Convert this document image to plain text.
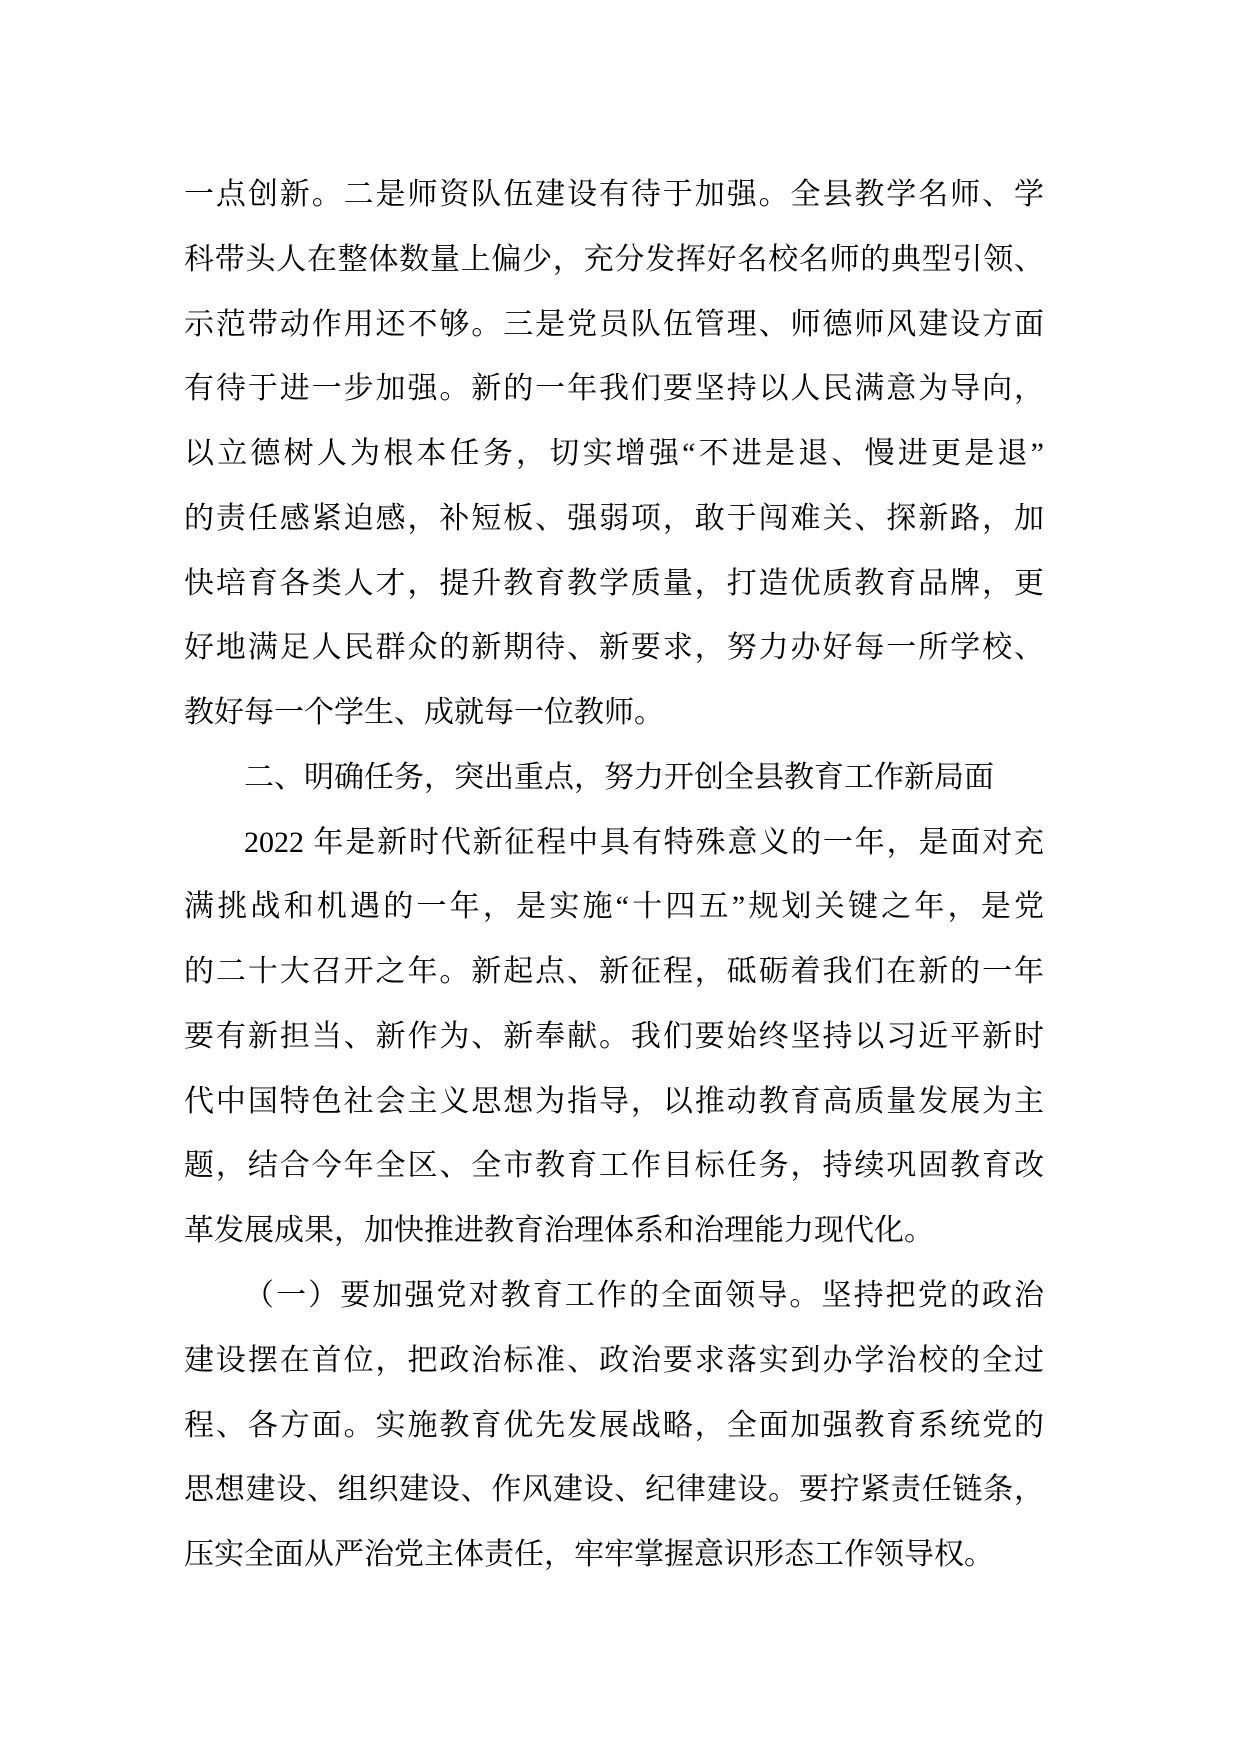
一点创新。二是师资队伍建设有待于加强。全县教学名师、学
科带头人在整体数量上偏少，充分发挥好名校名师的典型引领、
示范带动作用还不够。三是党员队伍管理、师德师风建设方面
有待于进一步加强。新的一年我们要坚持以人民满意为导向，
以立德树人为根本任务，切实增强“不进是退、慢进更是退”
的责任感紧迫感，补短板、强弱项，敢于闯难关、探新路，加
快培育各类人才，提升教育教学质量，打造优质教育品牌，更
好地满足人民群众的新期待、新要求，努力办好每一所学校、
教好每一个学生、成就每一位教师。
二、明确任务，突出重点，努力开创全县教育工作新局面
2022 年是新时代新征程中具有特殊意义的一年，是面对充
满挑战和机遇的一年，是实施“十四五”规划关键之年，是党
的二十大召开之年。新起点、新征程，砥砺着我们在新的一年
要有新担当、新作为、新奉献。我们要始终坚持以习近平新时
代中国特色社会主义思想为指导，以推动教育高质量发展为主
题，结合今年全区、全市教育工作目标任务，持续巩固教育改
革发展成果，加快推进教育治理体系和治理能力现代化。
（一）要加强党对教育工作的全面领导。坚持把党的政治
建设摆在首位，把政治标准、政治要求落实到办学治校的全过
程、各方面。实施教育优先发展战略，全面加强教育系统党的
思想建设、组织建设、作风建设、纪律建设。要拧紧责任链条，
压实全面从严治党主体责任，牢牢掌握意识形态工作领导权。
